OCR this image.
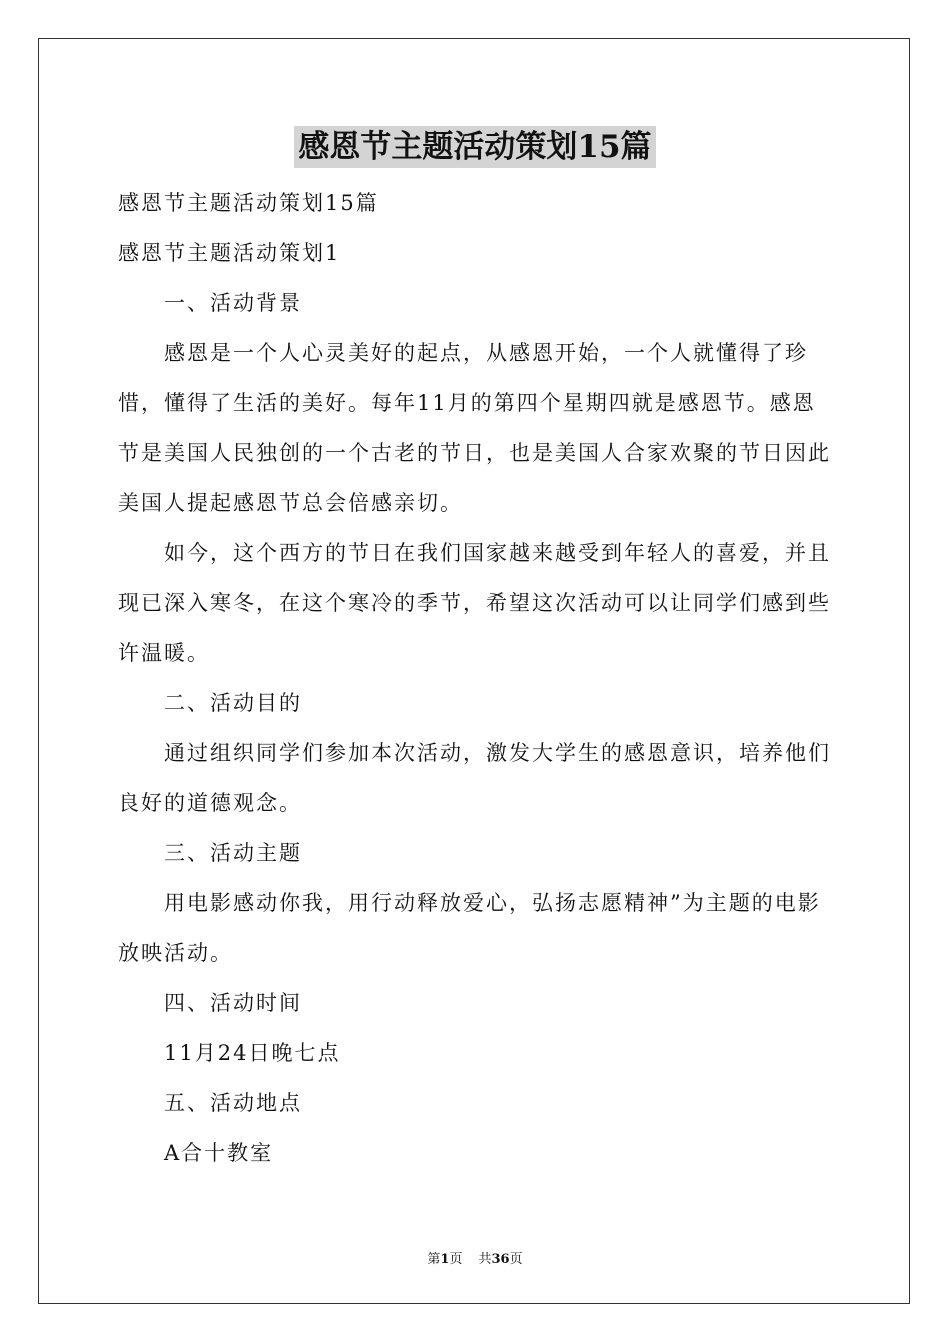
感恩节主题活动策划15篇

感恩节主题活动策划15篇

感恩节主题活动策划1

一、活动背景

感恩是一个人心灵美好的起点，从感恩开始，一个人就懂得了珍惜，懂得了生活的美好。每年11月的第四个星期四就是感恩节。感恩节是美国人民独创的一个古老的节日，也是美国人合家欢聚的节日因此美国人提起感恩节总会倍感亲切。

如今，这个西方的节日在我们国家越来越受到年轻人的喜爱，并且现已深入寒冬，在这个寒冷的季节，希望这次活动可以让同学们感到些许温暖。

二、活动目的

通过组织同学们参加本次活动，激发大学生的感恩意识，培养他们良好的道德观念。

三、活动主题

用电影感动你我，用行动释放爱心，弘扬志愿精神”为主题的电影放映活动。

四、活动时间

11月24日晚七点

五、活动地点

A合十教室

第1页 共36页
